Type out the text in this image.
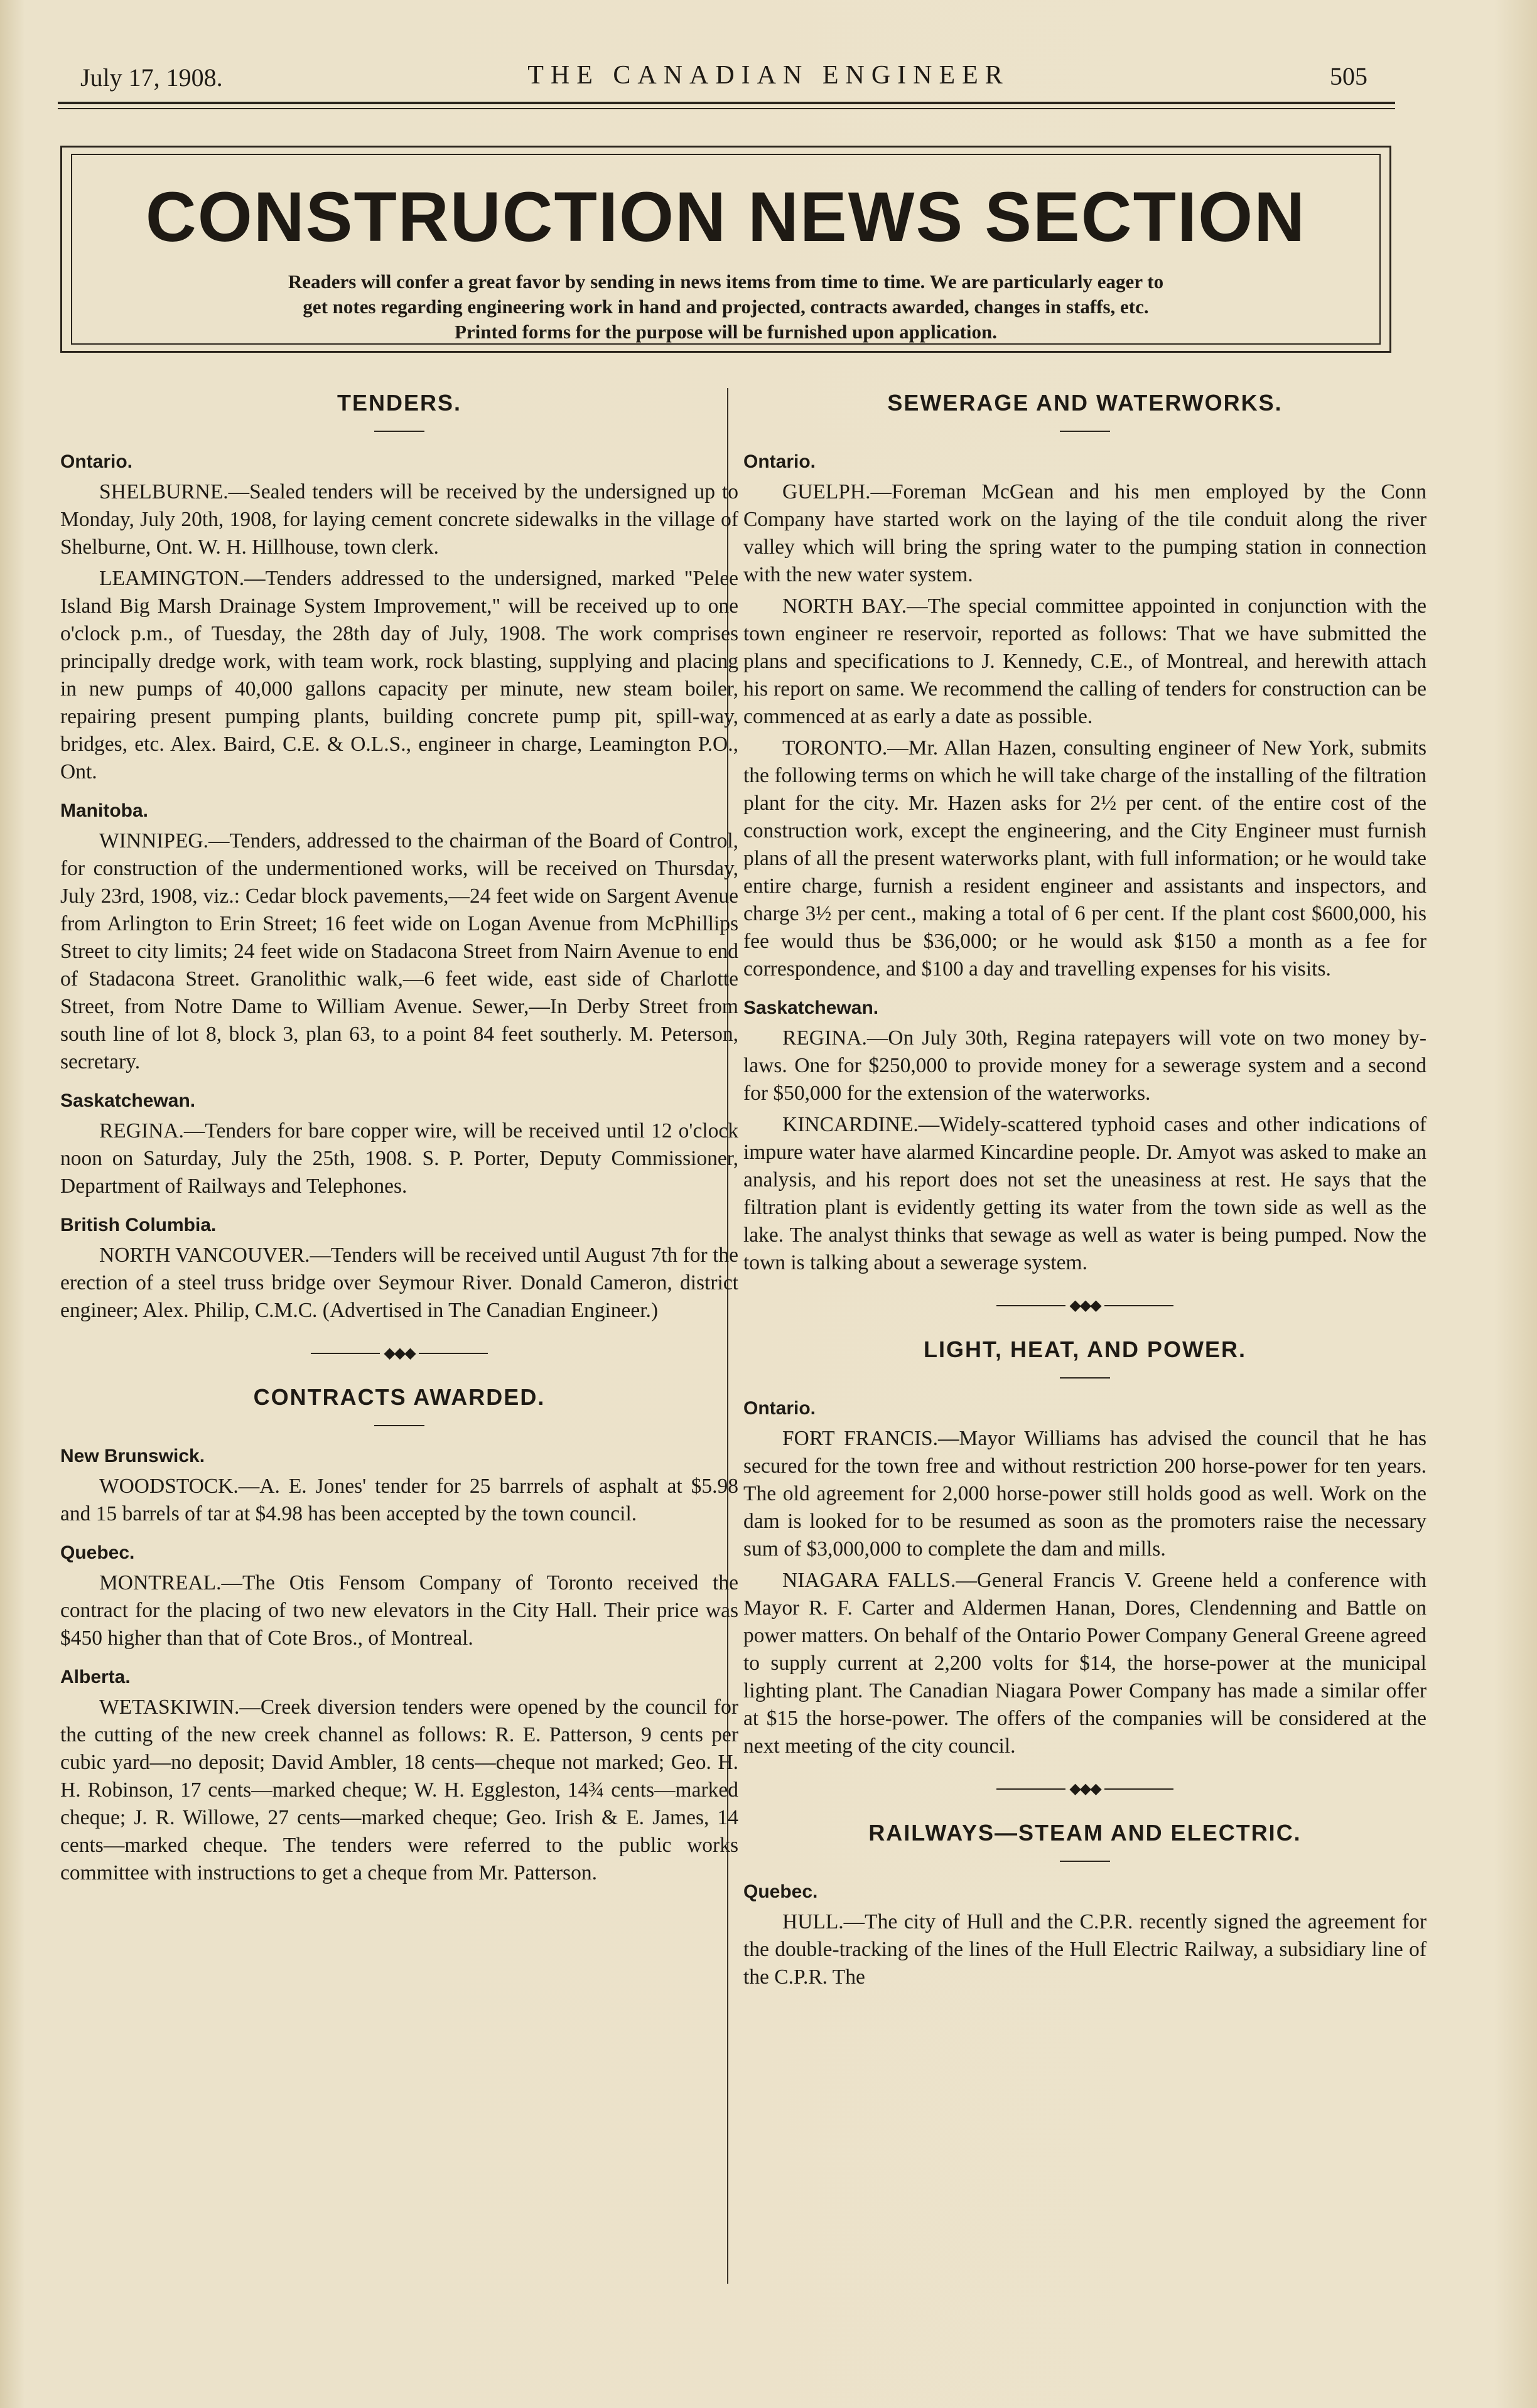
July 17, 1908.	THE CANADIAN ENGINEER	505
CONSTRUCTION NEWS SECTION
Readers will confer a great favor by sending in news items from time to time. We are particularly eager to
get notes regarding engineering work in hand and projected, contracts awarded, changes in staffs, etc.
Printed forms for the purpose will be furnished upon application.
TENDERS.
Ontario.

SHELBURNE.—Sealed tenders will be received by the undersigned up to Monday, July 20th, 1908, for laying cement concrete sidewalks in the village of Shelburne, Ont. W. H. Hillhouse, town clerk.

LEAMINGTON.—Tenders addressed to the undersigned, marked "Pelee Island Big Marsh Drainage System Improvement," will be received up to one o'clock p.m., of Tuesday, the 28th day of July, 1908. The work comprises principally dredge work, with team work, rock blasting, supplying and placing in new pumps of 40,000 gallons capacity per minute, new steam boiler, repairing present pumping plants, building concrete pump pit, spill-way, bridges, etc. Alex. Baird, C.E. & O.L.S., engineer in charge, Leamington P.O., Ont.

Manitoba.

WINNIPEG.—Tenders, addressed to the chairman of the Board of Control, for construction of the undermentioned works, will be received on Thursday, July 23rd, 1908, viz.: Cedar block pavements,—24 feet wide on Sargent Avenue from Arlington to Erin Street; 16 feet wide on Logan Avenue from McPhillips Street to city limits; 24 feet wide on Stadacona Street from Nairn Avenue to end of Stadacona Street. Granolithic walk,—6 feet wide, east side of Charlotte Street, from Notre Dame to William Avenue. Sewer,—In Derby Street from south line of lot 8, block 3, plan 63, to a point 84 feet southerly. M. Peterson, secretary.

Saskatchewan.

REGINA.—Tenders for bare copper wire, will be received until 12 o'clock noon on Saturday, July the 25th, 1908. S. P. Porter, Deputy Commissioner, Department of Railways and Telephones.

British Columbia.

NORTH VANCOUVER.—Tenders will be received until August 7th for the erection of a steel truss bridge over Seymour River. Donald Cameron, district engineer; Alex. Philip, C.M.C. (Advertised in The Canadian Engineer.)

◆◆◆
CONTRACTS AWARDED.
New Brunswick.

WOODSTOCK.—A. E. Jones' tender for 25 barrrels of asphalt at $5.98 and 15 barrels of tar at $4.98 has been accepted by the town council.

Quebec.

MONTREAL.—The Otis Fensom Company of Toronto received the contract for the placing of two new elevators in the City Hall. Their price was $450 higher than that of Cote Bros., of Montreal.

Alberta.

WETASKIWIN.—Creek diversion tenders were opened by the council for the cutting of the new creek channel as follows: R. E. Patterson, 9 cents per cubic yard—no deposit; David Ambler, 18 cents—cheque not marked; Geo. H. H. Robinson, 17 cents—marked cheque; W. H. Eggleston, 14¾ cents—marked cheque; J. R. Willowe, 27 cents—marked cheque; Geo. Irish & E. James, 14 cents—marked cheque. The tenders were referred to the public works committee with instructions to get a cheque from Mr. Patterson.

SEWERAGE AND WATERWORKS.
Ontario.

GUELPH.—Foreman McGean and his men employed by the Conn Company have started work on the laying of the tile conduit along the river valley which will bring the spring water to the pumping station in connection with the new water system.

NORTH BAY.—The special committee appointed in conjunction with the town engineer re reservoir, reported as follows: That we have submitted the plans and specifications to J. Kennedy, C.E., of Montreal, and herewith attach his report on same. We recommend the calling of tenders for construction can be commenced at as early a date as possible.

TORONTO.—Mr. Allan Hazen, consulting engineer of New York, submits the following terms on which he will take charge of the installing of the filtration plant for the city. Mr. Hazen asks for 2½ per cent. of the entire cost of the construction work, except the engineering, and the City Engineer must furnish plans of all the present waterworks plant, with full information; or he would take entire charge, furnish a resident engineer and assistants and inspectors, and charge 3½ per cent., making a total of 6 per cent. If the plant cost $600,000, his fee would thus be $36,000; or he would ask $150 a month as a fee for correspondence, and $100 a day and travelling expenses for his visits.

Saskatchewan.

REGINA.—On July 30th, Regina ratepayers will vote on two money by-laws. One for $250,000 to provide money for a sewerage system and a second for $50,000 for the extension of the waterworks.

KINCARDINE.—Widely-scattered typhoid cases and other indications of impure water have alarmed Kincardine people. Dr. Amyot was asked to make an analysis, and his report does not set the uneasiness at rest. He says that the filtration plant is evidently getting its water from the town side as well as the lake. The analyst thinks that sewage as well as water is being pumped. Now the town is talking about a sewerage system.

◆◆◆
LIGHT, HEAT, AND POWER.
Ontario.

FORT FRANCIS.—Mayor Williams has advised the council that he has secured for the town free and without restriction 200 horse-power for ten years. The old agreement for 2,000 horse-power still holds good as well. Work on the dam is looked for to be resumed as soon as the promoters raise the necessary sum of $3,000,000 to complete the dam and mills.

NIAGARA FALLS.—General Francis V. Greene held a conference with Mayor R. F. Carter and Aldermen Hanan, Dores, Clendenning and Battle on power matters. On behalf of the Ontario Power Company General Greene agreed to supply current at 2,200 volts for $14, the horse-power at the municipal lighting plant. The Canadian Niagara Power Company has made a similar offer at $15 the horse-power. The offers of the companies will be considered at the next meeting of the city council.

◆◆◆
RAILWAYS—STEAM AND ELECTRIC.
Quebec.

HULL.—The city of Hull and the C.P.R. recently signed the agreement for the double-tracking of the lines of the Hull Electric Railway, a subsidiary line of the C.P.R. The
